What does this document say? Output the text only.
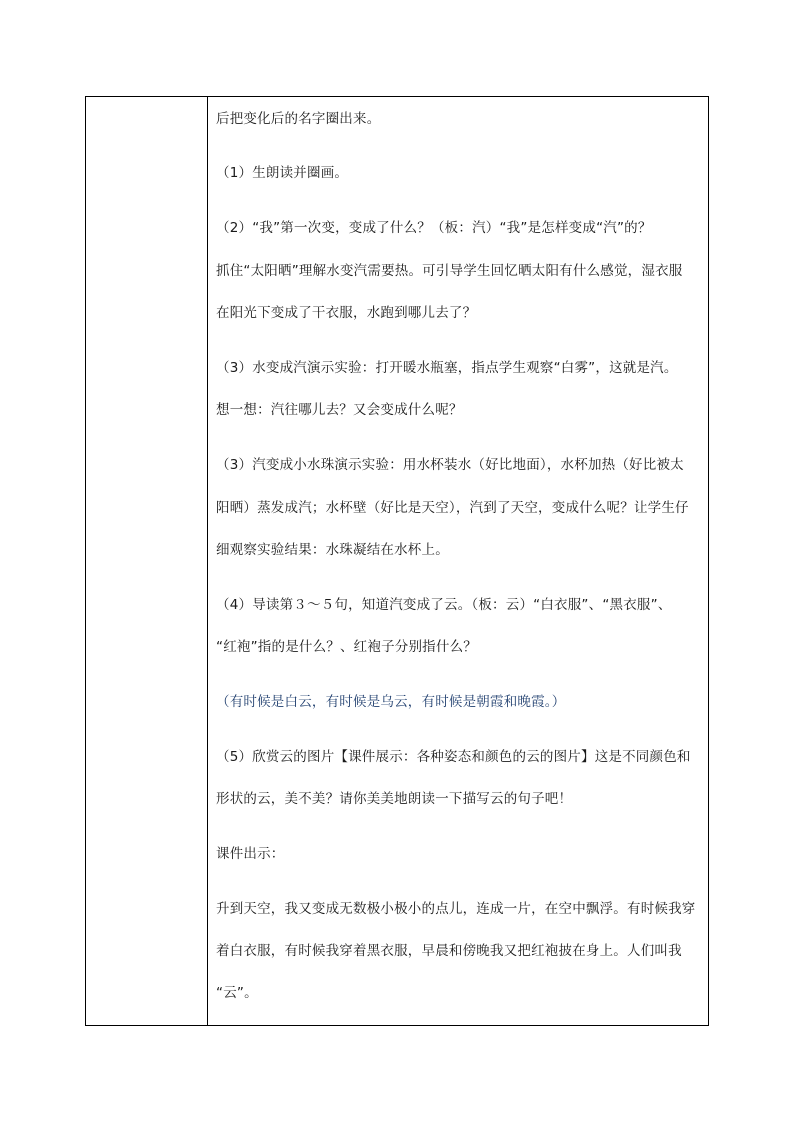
后把变化后的名字圈出来。
（1）生朗读并圈画。
（2）“我”第一次变，变成了什么？（板：汽）“我”是怎样变成“汽”的？
抓住“太阳晒”理解水变汽需要热。可引导学生回忆晒太阳有什么感觉，湿衣服
在阳光下变成了干衣服，水跑到哪儿去了？
（3）水变成汽演示实验：打开暖水瓶塞，指点学生观察“白雾”，这就是汽。
想一想：汽往哪儿去？又会变成什么呢？
（3）汽变成小水珠演示实验：用水杯装水（好比地面），水杯加热（好比被太
阳晒）蒸发成汽；水杯壁（好比是天空），汽到了天空，变成什么呢？让学生仔
细观察实验结果：水珠凝结在水杯上。
（4）导读第３～５句，知道汽变成了云。（板：云）“白衣服”、“黑衣服”、
“红袍”指的是什么？、红袍子分别指什么？
（有时候是白云，有时候是乌云，有时候是朝霞和晚霞。）
（5）欣赏云的图片【课件展示：各种姿态和颜色的云的图片】这是不同颜色和
形状的云，美不美？请你美美地朗读一下描写云的句子吧！
课件出示：
升到天空，我又变成无数极小极小的点儿，连成一片，在空中飘浮。有时候我穿
着白衣服，有时候我穿着黑衣服，早晨和傍晚我又把红袍披在身上。人们叫我
“云”。
